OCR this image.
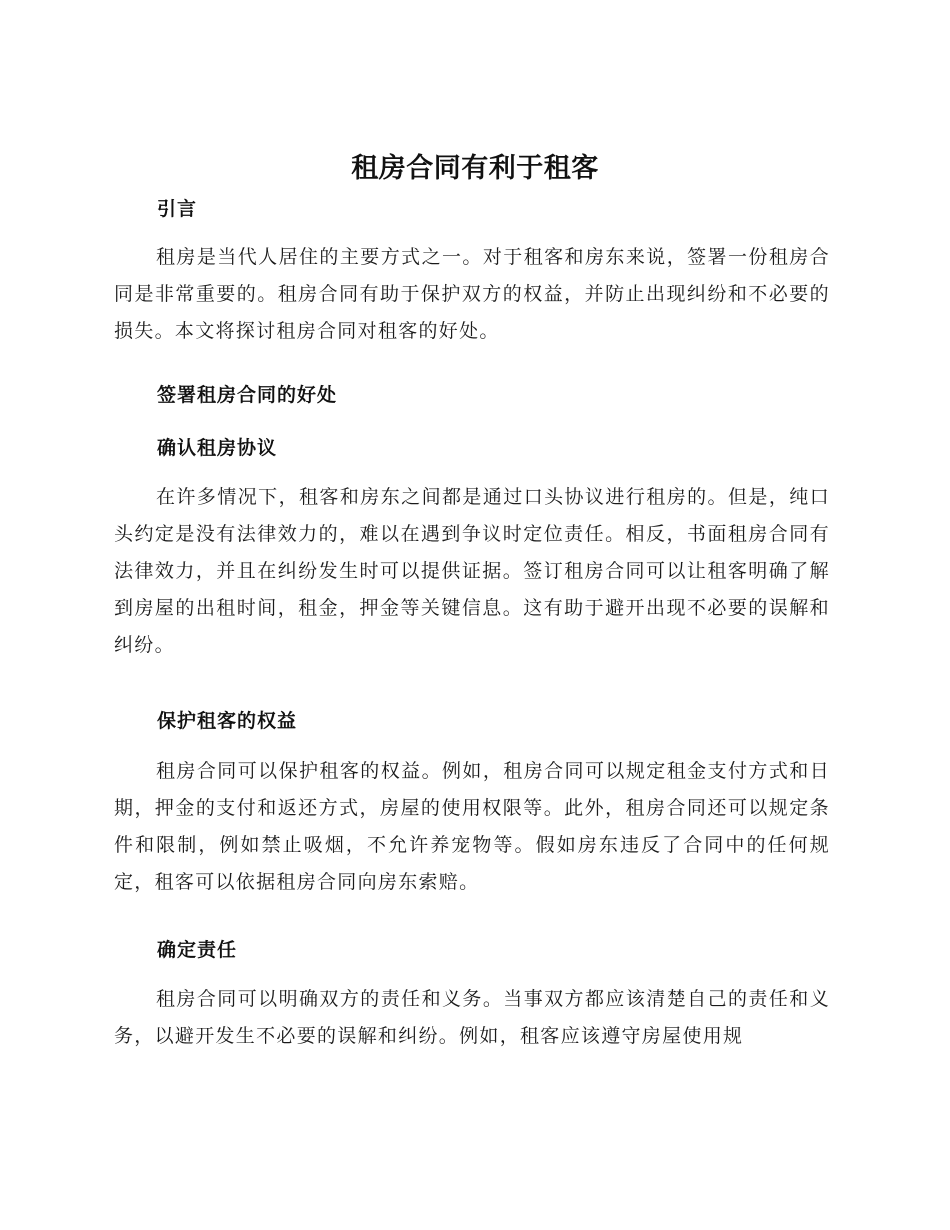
租房合同有利于租客
引言

租房是当代人居住的主要方式之一。对于租客和房东来说，签署一份租房合同是非常重要的。租房合同有助于保护双方的权益，并防止出现纠纷和不必要的损失。本文将探讨租房合同对租客的好处。

签署租房合同的好处
确认租房协议

在许多情况下，租客和房东之间都是通过口头协议进行租房的。但是，纯口头约定是没有法律效力的，难以在遇到争议时定位责任。相反，书面租房合同有法律效力，并且在纠纷发生时可以提供证据。签订租房合同可以让租客明确了解到房屋的出租时间，租金，押金等关键信息。这有助于避开出现不必要的误解和纠纷。

保护租客的权益

租房合同可以保护租客的权益。例如，租房合同可以规定租金支付方式和日期，押金的支付和返还方式，房屋的使用权限等。此外，租房合同还可以规定条件和限制，例如禁止吸烟，不允许养宠物等。假如房东违反了合同中的任何规定，租客可以依据租房合同向房东索赔。

确定责任

租房合同可以明确双方的责任和义务。当事双方都应该清楚自己的责任和义务，以避开发生不必要的误解和纠纷。例如，租客应该遵守房屋使用规
